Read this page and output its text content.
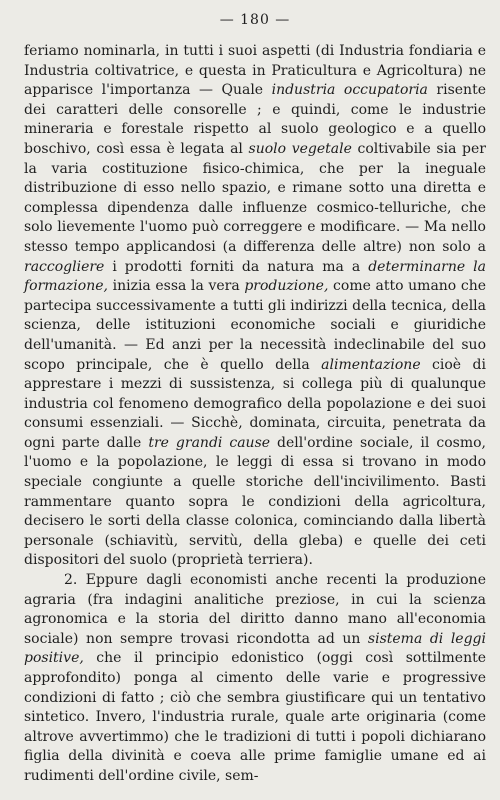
— 180 —

feriamo nominarla, in tutti i suoi aspetti (di Industria fondiaria e Industria coltivatrice, e questa in Praticultura e Agricoltura) ne apparisce l'importanza — Quale industria occupatoria risente dei caratteri delle consorelle ; e quindi, come le industrie mineraria e forestale rispetto al suolo geologico e a quello boschivo, così essa è legata al suolo vegetale coltivabile sia per la varia costituzione fisico-chimica, che per la ineguale distribuzione di esso nello spazio, e rimane sotto una diretta e complessa dipendenza dalle influenze cosmico-telluriche, che solo lievemente l'uomo può correggere e modificare. — Ma nello stesso tempo applicandosi (a differenza delle altre) non solo a raccogliere i prodotti forniti da natura ma a determinarne la formazione, inizia essa la vera produzione, come atto umano che partecipa successivamente a tutti gli indirizzi della tecnica, della scienza, delle istituzioni economiche sociali e giuridiche dell'umanità. — Ed anzi per la necessità indeclinabile del suo scopo principale, che è quello della alimentazione cioè di apprestare i mezzi di sussistenza, si collega più di qualunque industria col fenomeno demografico della popolazione e dei suoi consumi essenziali. — Sicchè, dominata, circuita, penetrata da ogni parte dalle tre grandi cause dell'ordine sociale, il cosmo, l'uomo e la popolazione, le leggi di essa si trovano in modo speciale congiunte a quelle storiche dell'incivilimento. Basti rammentare quanto sopra le condizioni della agricoltura, decisero le sorti della classe colonica, cominciando dalla libertà personale (schiavitù, servitù, della gleba) e quelle dei ceti dispositori del suolo (proprietà terriera).

2. Eppure dagli economisti anche recenti la produzione agraria (fra indagini analitiche preziose, in cui la scienza agronomica e la storia del diritto danno mano all'economia sociale) non sempre trovasi ricondotta ad un sistema di leggi positive, che il principio edonistico (oggi così sottilmente approfondito) ponga al cimento delle varie e progressive condizioni di fatto ; ciò che sembra giustificare qui un tentativo sintetico. Invero, l'industria rurale, quale arte originaria (come altrove avvertimmo) che le tradizioni di tutti i popoli dichiarano figlia della divinità e coeva alle prime famiglie umane ed ai rudimenti dell'ordine civile, sem-
